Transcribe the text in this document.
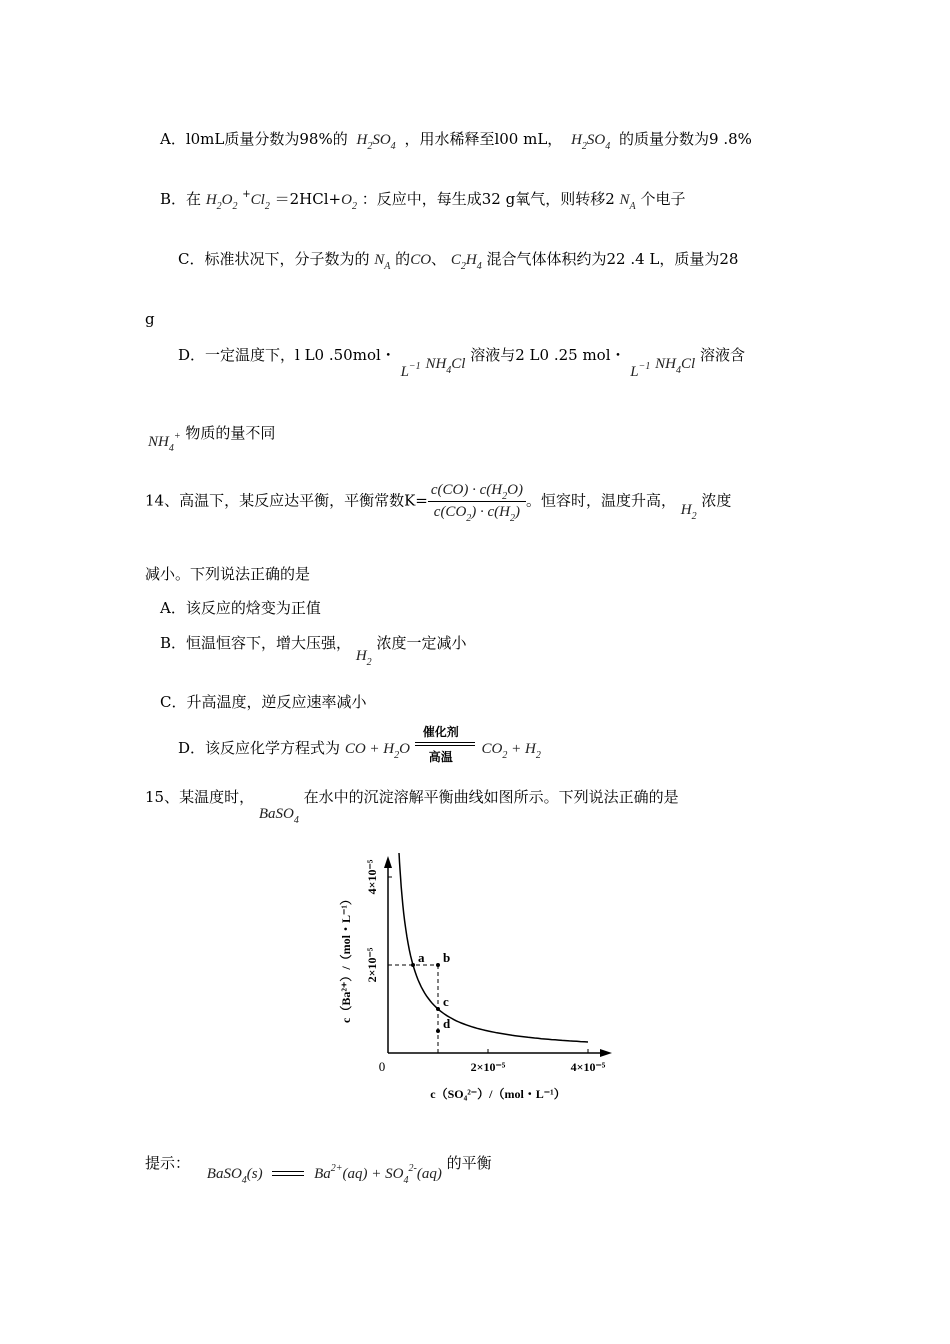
A．l0mL质量分数为98%的 $H_2SO_4$ ，用水稀释至l00 mL， $H_2SO_4$ 的质量分数为9 .8%
B．在 $H_2O_2$ $^+Cl_2 =2HCl+O_2$ ：反应中，每生成32 g氧气，则转移2 $N_A$ 个电子
C．标准状况下，分子数为的 $N_A$ 的CO、 $C_2H_4$ 混合气体体积约为22 .4 L，质量为28
g
D．一定温度下，l L0 .50mol・ $L^{-1}$ $NH_4Cl$ 溶液与2 L0 .25 mol・ $L^{-1}$ $NH_4Cl$ 溶液含
$NH_4^+$ 物质的量不同
14、高温下，某反应达平衡，平衡常数$K= \frac{c(CO) \cdot c(H_2O)}{c(CO_2) \cdot c(H_2)}$ 。恒容时，温度升高， $H_2$ 浓度
减小。下列说法正确的是
A．该反应的焓变为正值
B．恒温恒容下，增大压强， $H_2$ 浓度一定减小
C．升高温度，逆反应速率减小
D．该反应化学方程式为 CO + $H_2O$
催化剂
高温 $CO_2 + H_2$
15、某温度时， BaSO$_4$ 在水中的沉淀溶解平衡曲线如图所示。下列说法正确的是
0	2×10⁻⁵	4×10⁻⁵
2×10⁻⁵
4×10⁻⁵
c（SO₄²⁻）/（mol・L⁻¹）
c（Ba²⁺）/（mol・L⁻¹）	a b
c
d
提示： BaSO$_4$(s)	$Ba^{2+}(aq) + SO_4^{2-}(aq)$ 的平衡
